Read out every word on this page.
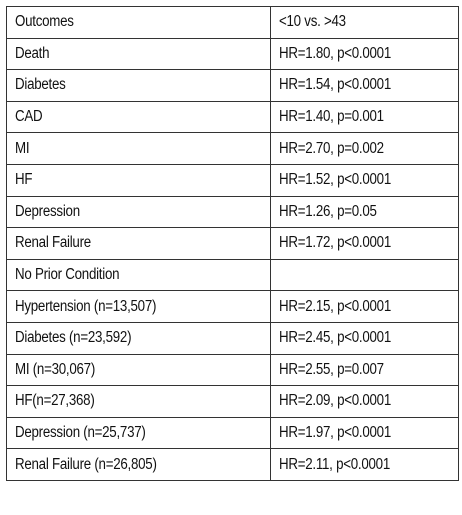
Outcomes	<10 vs. >43
Death	HR=1.80, p<0.0001
Diabetes	HR=1.54, p<0.0001
CAD	HR=1.40, p=0.001
MI	HR=2.70, p=0.002
HF	HR=1.52, p<0.0001
Depression	HR=1.26, p=0.05
Renal Failure	HR=1.72, p<0.0001
No Prior Condition	
Hypertension (n=13,507)	HR=2.15, p<0.0001
Diabetes (n=23,592)	HR=2.45, p<0.0001
MI (n=30,067)	HR=2.55, p=0.007
HF(n=27,368)	HR=2.09, p<0.0001
Depression (n=25,737)	HR=1.97, p<0.0001
Renal Failure (n=26,805)	HR=2.11, p<0.0001
